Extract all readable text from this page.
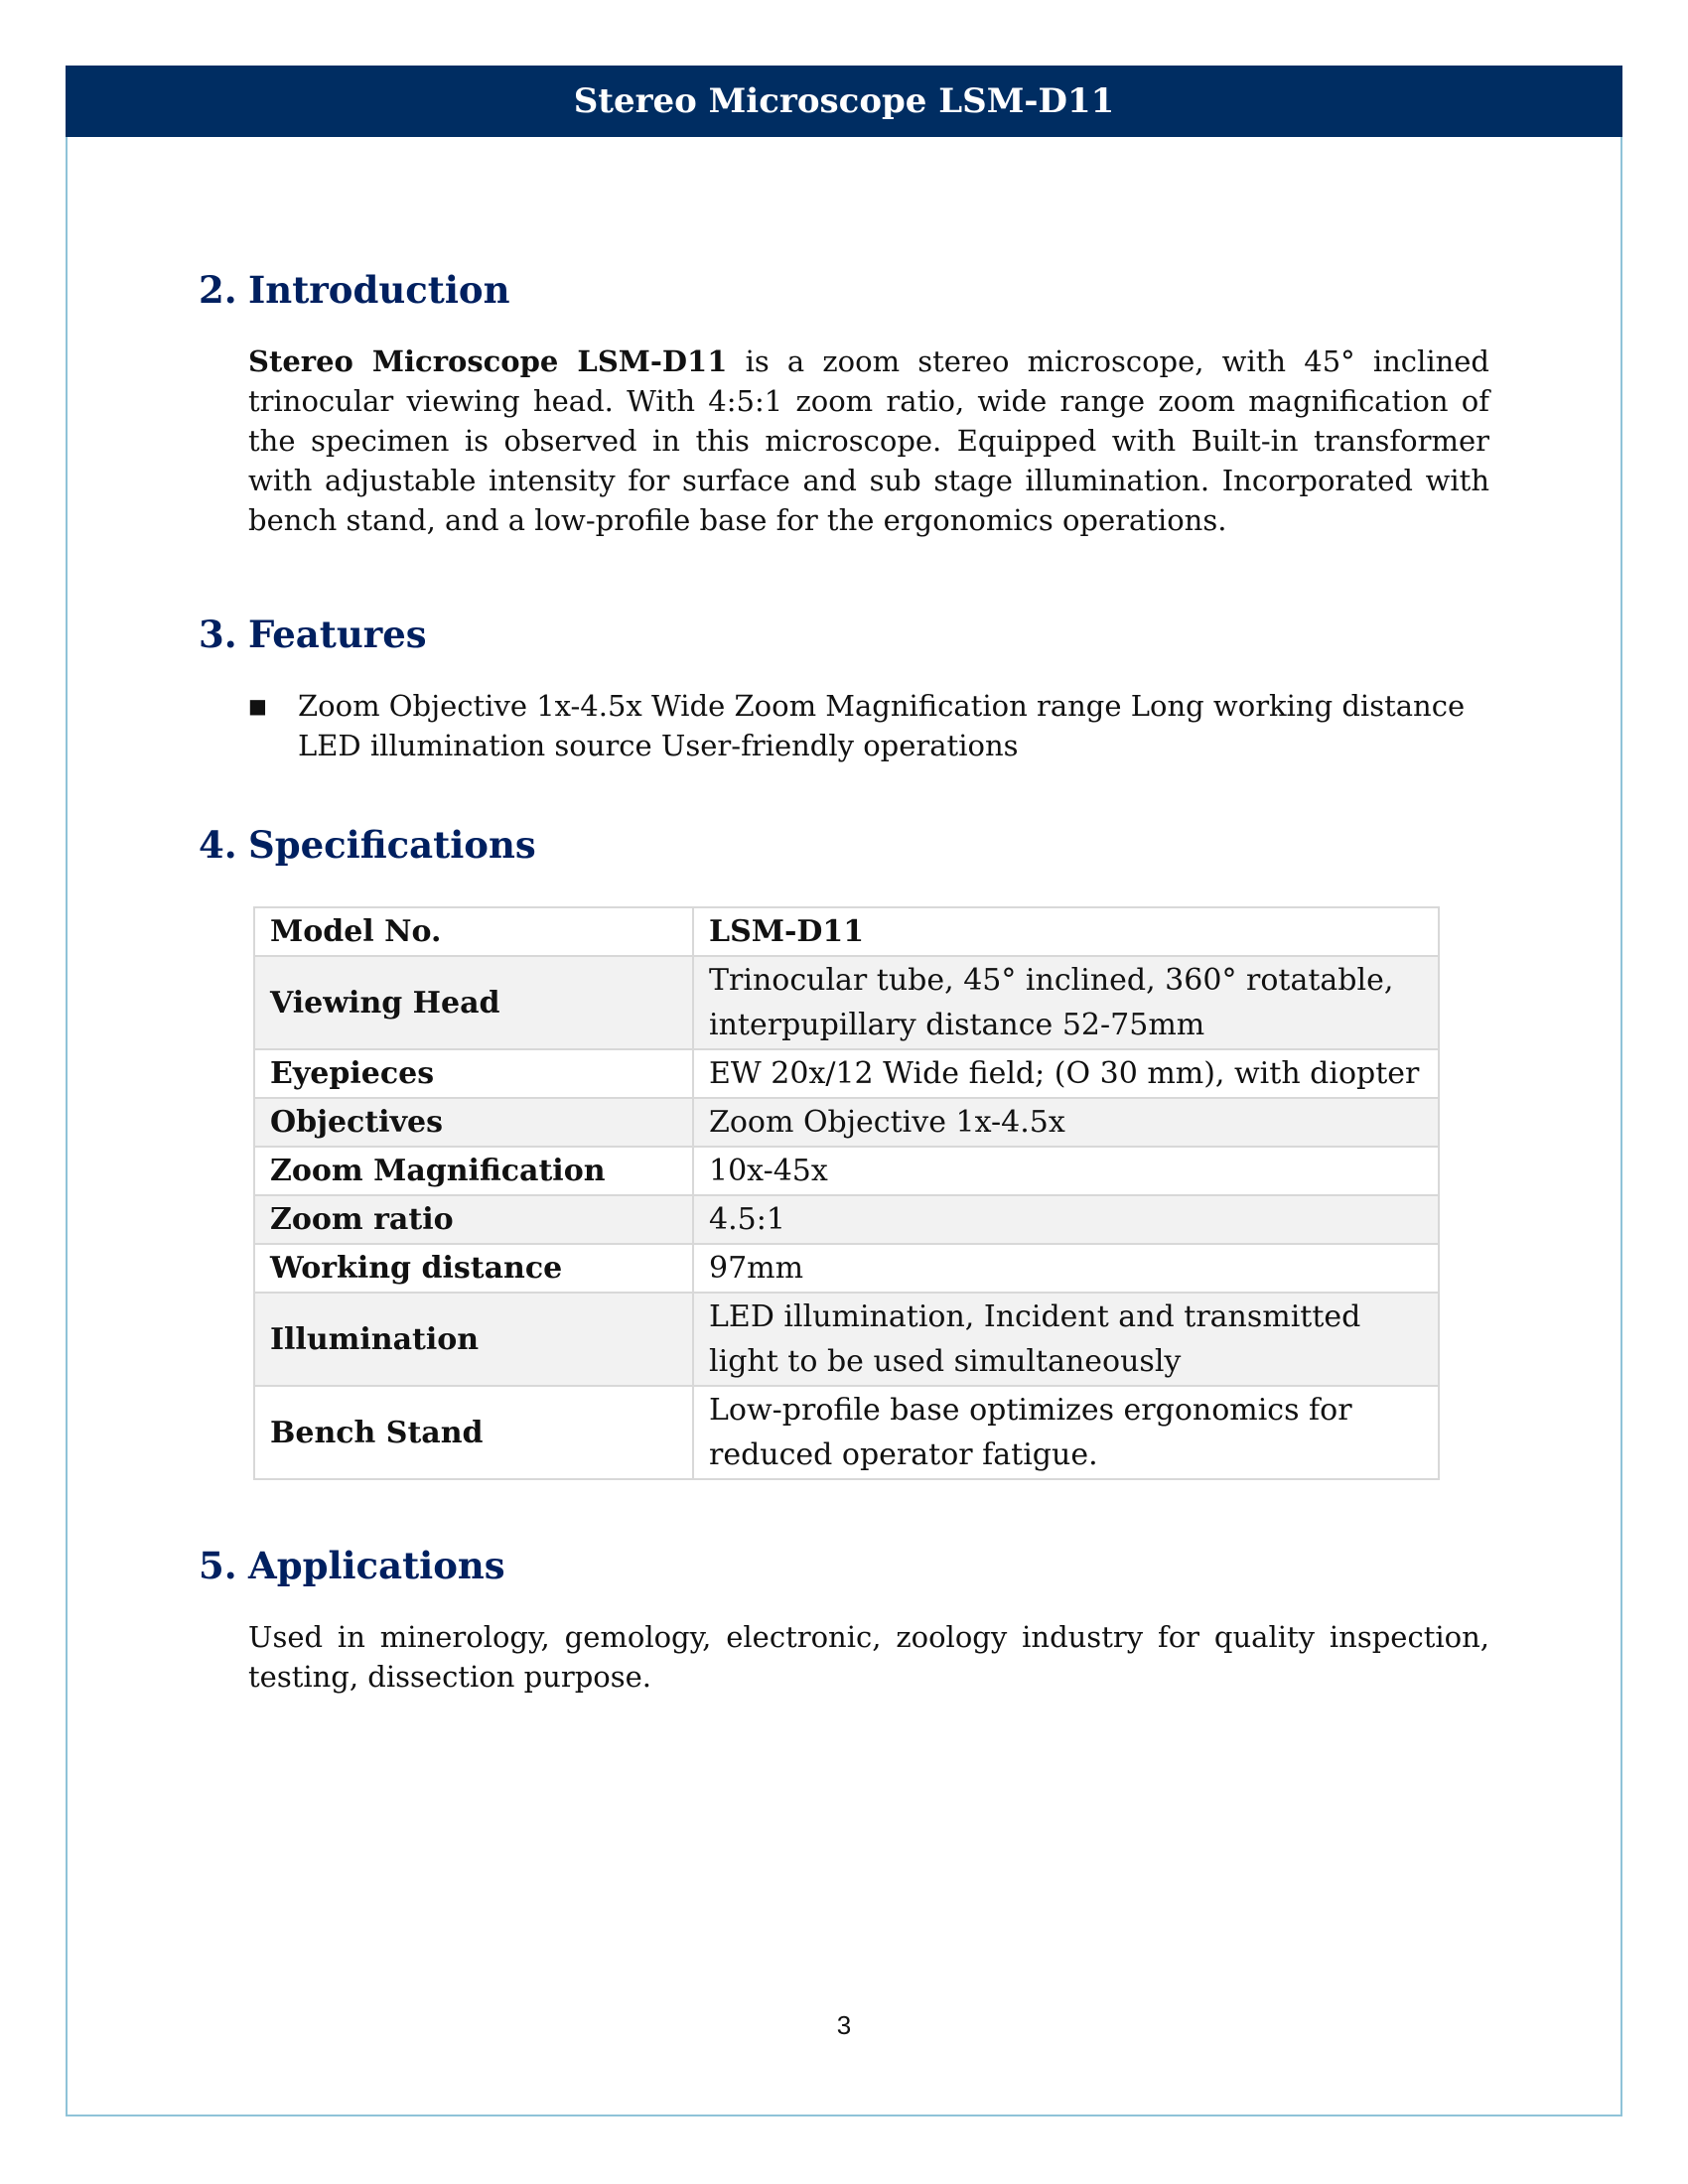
Stereo Microscope LSM-D11
2. Introduction

Stereo Microscope LSM-D11 is a zoom stereo microscope, with 45° inclined trinocular viewing head. With 4:5:1 zoom ratio, wide range zoom magnification of the specimen is observed in this microscope. Equipped with Built-in transformer with adjustable intensity for surface and sub stage illumination. Incorporated with bench stand, and a low-profile base for the ergonomics operations.

3. Features
■	Zoom Objective 1x-4.5x Wide Zoom Magnification range Long working distance LED illumination source User-friendly operations
4. Specifications
Model No.	LSM-D11
Viewing Head	Trinocular tube, 45° inclined, 360° rotatable, interpupillary distance 52-75mm
Eyepieces	EW 20x/12 Wide field; (O 30 mm), with diopter
Objectives	Zoom Objective 1x-4.5x
Zoom Magnification	10x-45x
Zoom ratio	4.5:1
Working distance	97mm
Illumination	LED illumination, Incident and transmitted light to be used simultaneously
Bench Stand	Low-profile base optimizes ergonomics for reduced operator fatigue.
5. Applications

Used in minerology, gemology, electronic, zoology industry for quality inspection, testing, dissection purpose.

3
